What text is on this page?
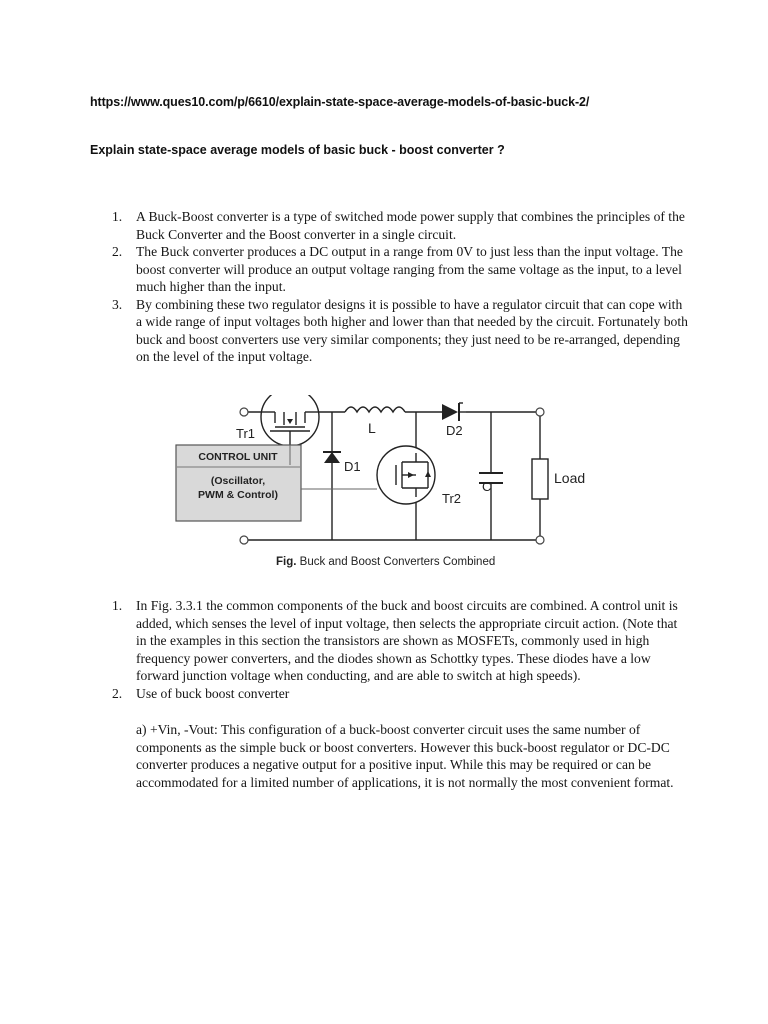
https://www.ques10.com/p/6610/explain-state-space-average-models-of-basic-buck-2/
Explain state-space average models of basic buck - boost converter ?
1. A Buck-Boost converter is a type of switched mode power supply that combines the principles of the Buck Converter and the Boost converter in a single circuit.
2. The Buck converter produces a DC output in a range from 0V to just less than the input voltage. The boost converter will produce an output voltage ranging from the same voltage as the input, to a level much higher than the input.
3. By combining these two regulator designs it is possible to have a regulator circuit that can cope with a wide range of input voltages both higher and lower than that needed by the circuit. Fortunately both buck and boost converters use very similar components; they just need to be re-arranged, depending on the level of the input voltage.
Tr1	L
D1
D2
C
Tr2
Load
CONTROL UNIT
(Oscillator,
PWM & Control)
Fig. Buck and Boost Converters Combined
1. In Fig. 3.3.1 the common components of the buck and boost circuits are combined. A control unit is added, which senses the level of input voltage, then selects the appropriate circuit action. (Note that in the examples in this section the transistors are shown as MOSFETs, commonly used in high frequency power converters, and the diodes shown as Schottky types. These diodes have a low forward junction voltage when conducting, and are able to switch at high speeds).
2. Use of buck boost converter
a) +Vin, -Vout: This configuration of a buck-boost converter circuit uses the same number of components as the simple buck or boost converters. However this buck-boost regulator or DC-DC converter produces a negative output for a positive input. While this may be required or can be accommodated for a limited number of applications, it is not normally the most convenient format.
